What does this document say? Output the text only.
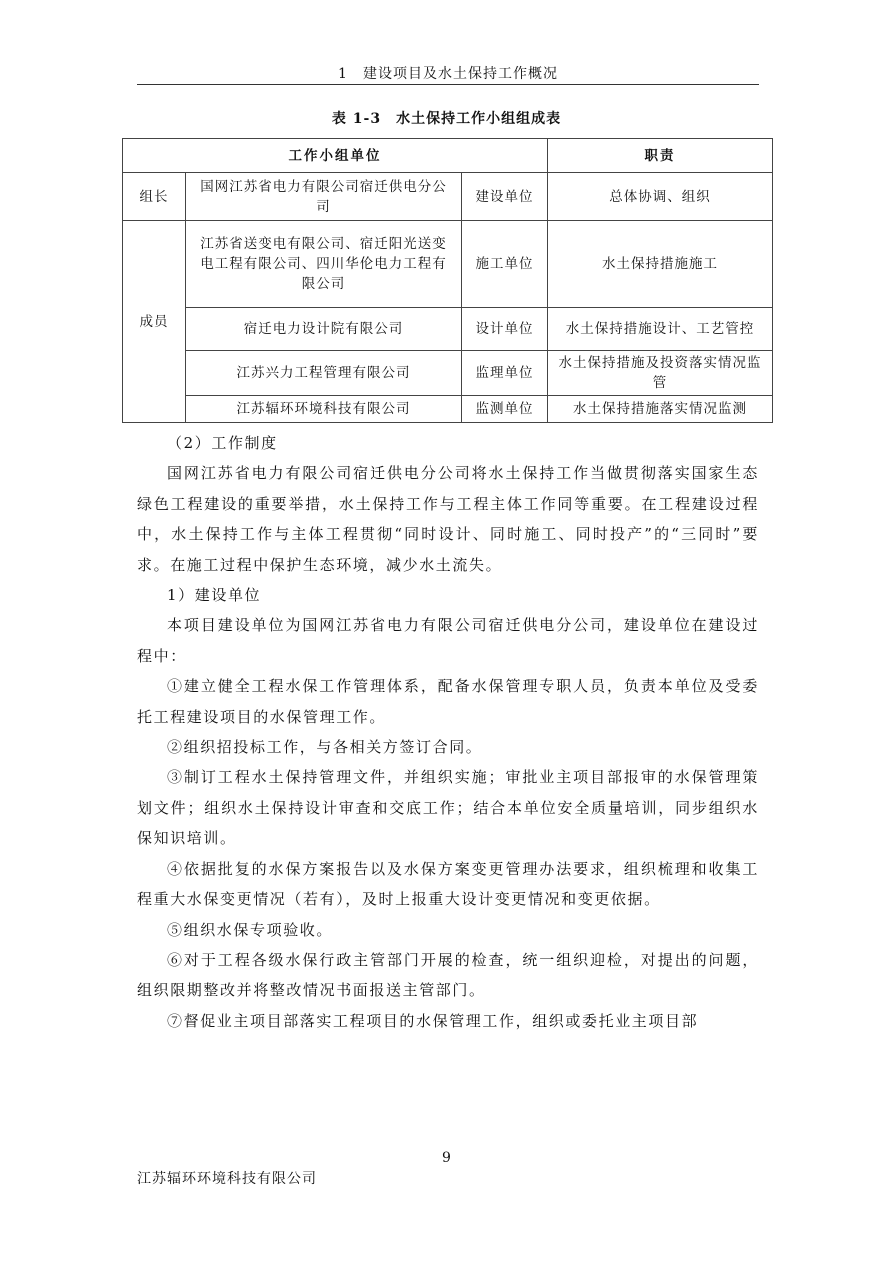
1　建设项目及水土保持工作概况
表 1-3　水土保持工作小组组成表
工作小组单位			职责
组长	国网江苏省电力有限公司宿迁供电分公司	建设单位	总体协调、组织
成员	江苏省送变电有限公司、宿迁阳光送变电工程有限公司、四川华伦电力工程有限公司	施工单位	水土保持措施施工
	宿迁电力设计院有限公司	设计单位	水土保持措施设计、工艺管控
	江苏兴力工程管理有限公司	监理单位	水土保持措施及投资落实情况监管
	江苏辐环环境科技有限公司	监测单位	水土保持措施落实情况监测

（2）工作制度

国网江苏省电力有限公司宿迁供电分公司将水土保持工作当做贯彻落实国家生态绿色工程建设的重要举措，水土保持工作与工程主体工作同等重要。在工程建设过程中，水土保持工作与主体工程贯彻“同时设计、同时施工、同时投产”的“三同时”要求。在施工过程中保护生态环境，减少水土流失。

1）建设单位

本项目建设单位为国网江苏省电力有限公司宿迁供电分公司，建设单位在建设过程中：

①建立健全工程水保工作管理体系，配备水保管理专职人员，负责本单位及受委托工程建设项目的水保管理工作。

②组织招投标工作，与各相关方签订合同。

③制订工程水土保持管理文件，并组织实施；审批业主项目部报审的水保管理策划文件；组织水土保持设计审查和交底工作；结合本单位安全质量培训，同步组织水保知识培训。

④依据批复的水保方案报告以及水保方案变更管理办法要求，组织梳理和收集工程重大水保变更情况（若有），及时上报重大设计变更情况和变更依据。

⑤组织水保专项验收。

⑥对于工程各级水保行政主管部门开展的检查，统一组织迎检，对提出的问题，组织限期整改并将整改情况书面报送主管部门。

⑦督促业主项目部落实工程项目的水保管理工作，组织或委托业主项目部

9
江苏辐环环境科技有限公司
